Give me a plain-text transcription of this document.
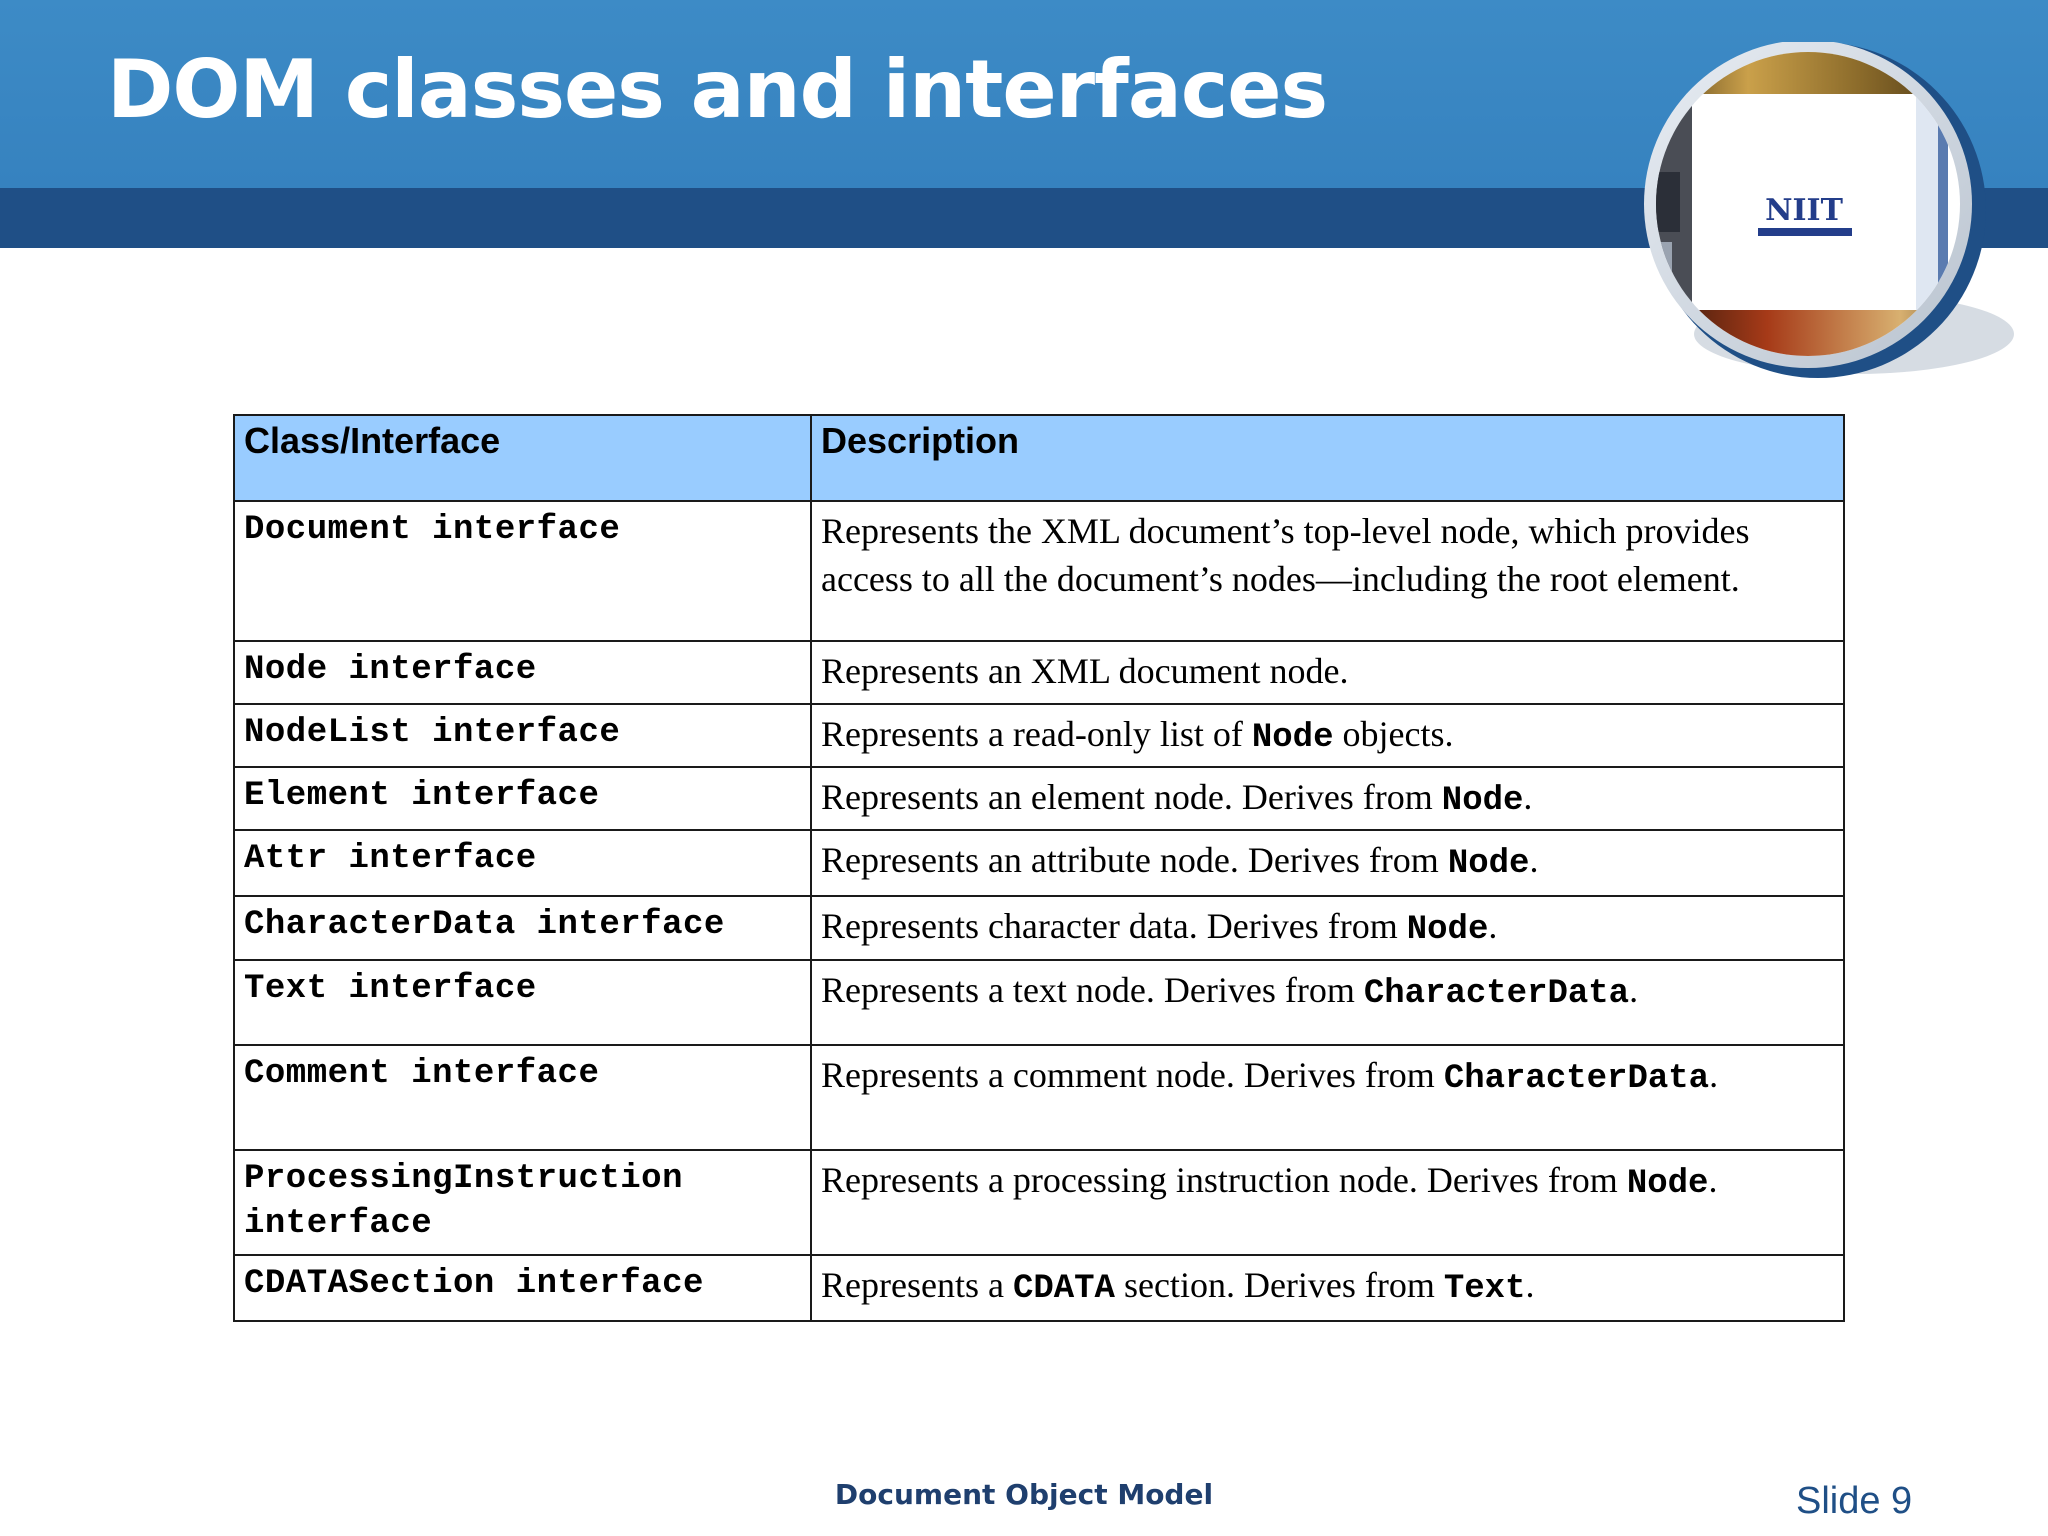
DOM classes and interfaces
NIIT
Class/Interface	Description
Document interface	Represents the XML document’s top-level node, which provides access to all the document’s nodes—including the root element.
Node interface	Represents an XML document node.
NodeList interface	Represents a read-only list of Node objects.
Element interface	Represents an element node. Derives from Node.
Attr interface	Represents an attribute node. Derives from Node.
CharacterData interface	Represents character data. Derives from Node.
Text interface	Represents a text node. Derives from CharacterData.
Comment interface	Represents a comment node. Derives from CharacterData.
ProcessingInstruction interface	Represents a processing instruction node. Derives from Node.
CDATASection interface	Represents a CDATA section. Derives from Text.
Document Object Model	Slide 9
